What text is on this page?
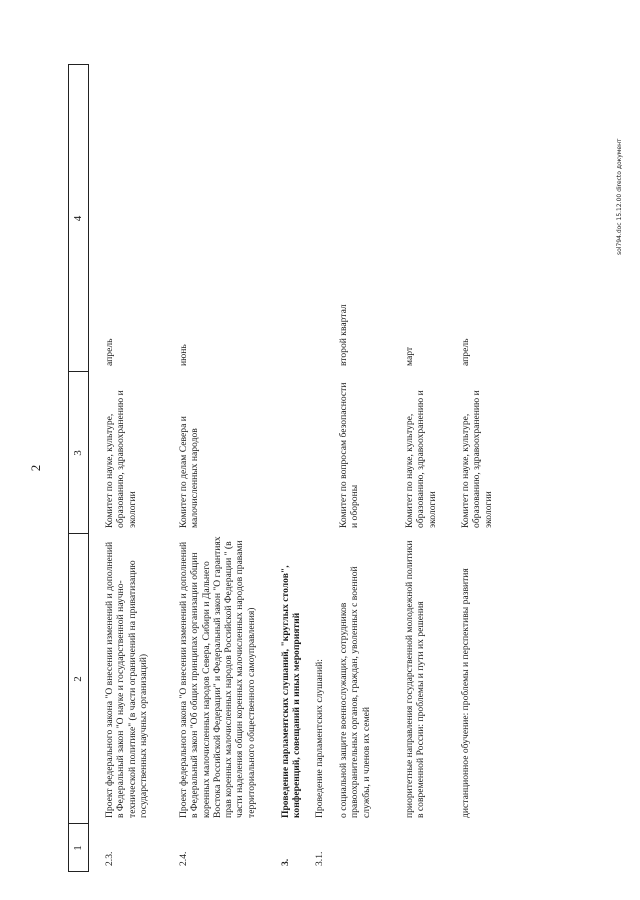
2
1
2
3
4
2.3.
Проект федерального закона "О внесении изменений и дополнений в Федеральный закон "О науке и государственной научно-технической политике" (в части ограничений на приватизацию государственных научных организаций)
Комитет по науке, культуре, образованию, здравоохранению и экологии
апрель
2.4.
Проект федерального закона "О внесении изменений и дополнений в Федеральный закон "Об общих принципах организации общин коренных малочисленных народов Севера, Сибири и Дальнего Востока Российской Федерации" и Федеральный закон "О гарантиях прав коренных малочисленных народов Российской Федерации " (в части наделения общин коренных малочисленных народов правами территориального общественного самоуправления)
Комитет по делам Севера и малочисленных народов
июнь
3.
Проведение парламентских слушаний, "круглых столов", конференций, совещаний и иных мероприятий
3.1.
Проведение парламентских слушаний: о социальной защите военнослужащих, сотрудников правоохранительных органов, граждан, уволенных с военной службы, и членов их семей
Комитет по вопросам безопасности и обороны
второй квартал
приоритетные направления государственной молодежной политики в современной России: проблемы и пути их решения
Комитет по науке, культуре, образованию, здравоохранению и экологии
март
дистанционное обучение: проблемы и перспективы развития
Комитет по науке, культуре, образованию, здравоохранению и экологии
апрель
sol794.doc 15.12.00 directo документ
